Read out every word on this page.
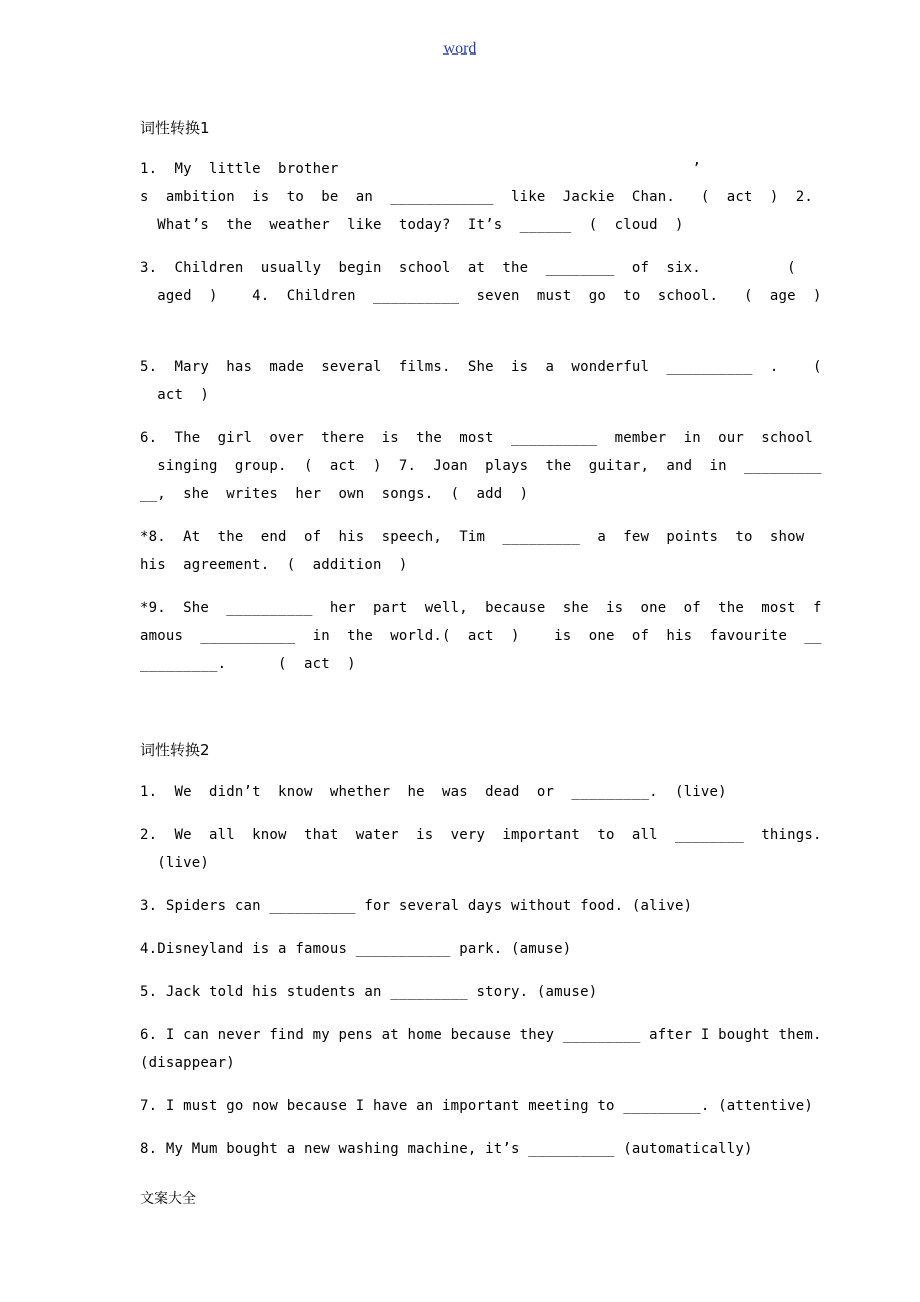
word
词性转换1
1.  My  little  brother                                         ’
s  ambition  is  to  be  an  ____________  like  Jackie  Chan.   (  act  )  2.
What’s  the  weather  like  today?  It’s  ______  (  cloud  )
3.  Children  usually  begin  school  at  the  ________  of  six.          (
aged  )    4.  Children  __________  seven  must  go  to  school.   (  age  )
5.  Mary  has  made  several  films.  She  is  a  wonderful  __________  .    (
act  )
6.  The  girl  over  there  is  the  most  __________  member  in  our  school
singing  group.  (  act  )  7.  Joan  plays  the  guitar,  and  in  _________
__,  she  writes  her  own  songs.  (  add  )
*8.  At  the  end  of  his  speech,  Tim  _________  a  few  points  to  show
his  agreement.  (  addition  )
*9.  She  __________  her  part  well,  because  she  is  one  of  the  most  f
amous  ___________  in  the  world.(  act  )    is  one  of  his  favourite  __
_________.      (  act  )
词性转换2
1.  We  didn’t  know  whether  he  was  dead  or  _________.  (live)
2.  We  all  know  that  water  is  very  important  to  all  ________  things.
(live)
3. Spiders can __________ for several days without food. (alive)
4.Disneyland is a famous ___________ park. (amuse)
5. Jack told his students an _________ story. (amuse)
6. I can never find my pens at home because they _________ after I bought them.
(disappear)
7. I must go now because I have an important meeting to _________. (attentive)
8. My Mum bought a new washing machine, it’s __________ (automatically)
文案大全
